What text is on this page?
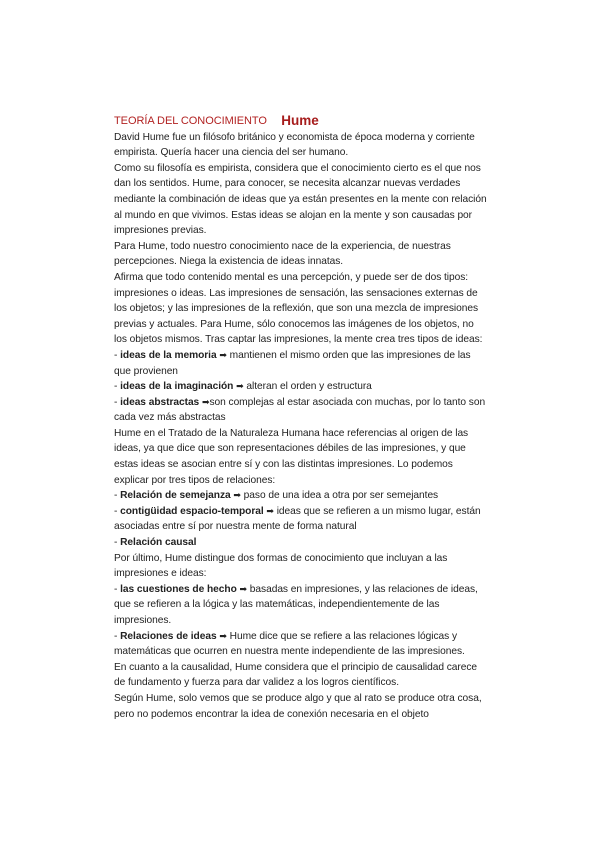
Hume

TEORÍA DEL CONOCIMIENTO

David Hume fue un filósofo británico y economista de época moderna y corriente empirista. Quería hacer una ciencia del ser humano.

Como su filosofía es empirista, considera que el conocimiento cierto es el que nos dan los sentidos. Hume, para conocer, se necesita alcanzar nuevas verdades mediante la combinación de ideas que ya están presentes en la mente con relación al mundo en que vivimos. Estas ideas se alojan en la mente y son causadas por impresiones previas.

Para Hume, todo nuestro conocimiento nace de la experiencia, de nuestras percepciones. Niega la existencia de ideas innatas.

Afirma que todo contenido mental es una percepción, y puede ser de dos tipos: impresiones o ideas. Las impresiones de sensación, las sensaciones externas de los objetos; y las impresiones de la reflexión, que son una mezcla de impresiones previas y actuales. Para Hume, sólo conocemos las imágenes de los objetos, no los objetos mismos. Tras captar las impresiones, la mente crea tres tipos de ideas:

- ideas de la memoria ➡ mantienen el mismo orden que las impresiones de las que provienen

- ideas de la imaginación ➡ alteran el orden y estructura

- ideas abstractas ➡son complejas al estar asociada con muchas, por lo tanto son cada vez más abstractas

Hume en el Tratado de la Naturaleza Humana hace referencias al origen de las ideas, ya que dice que son representaciones débiles de las impresiones, y que estas ideas se asocian entre sí y con las distintas impresiones. Lo podemos explicar por tres tipos de relaciones:

- Relación de semejanza ➡ paso de una idea a otra por ser semejantes

- contigüidad espacio-temporal ➡ ideas que se refieren a un mismo lugar, están asociadas entre sí por nuestra mente de forma natural

- Relación causal

Por último, Hume distingue dos formas de conocimiento que incluyan a las impresiones e ideas:

- las cuestiones de hecho ➡ basadas en impresiones, y las relaciones de ideas, que se refieren a la lógica y las matemáticas, independientemente de las impresiones.

- Relaciones de ideas ➡ Hume dice que se refiere a las relaciones lógicas y matemáticas que ocurren en nuestra mente independiente de las impresiones.

En cuanto a la causalidad, Hume considera que el principio de causalidad carece de fundamento y fuerza para dar validez a los logros científicos.

Según Hume, solo vemos que se produce algo y que al rato se produce otra cosa, pero no podemos encontrar la idea de conexión necesaria en el objeto
